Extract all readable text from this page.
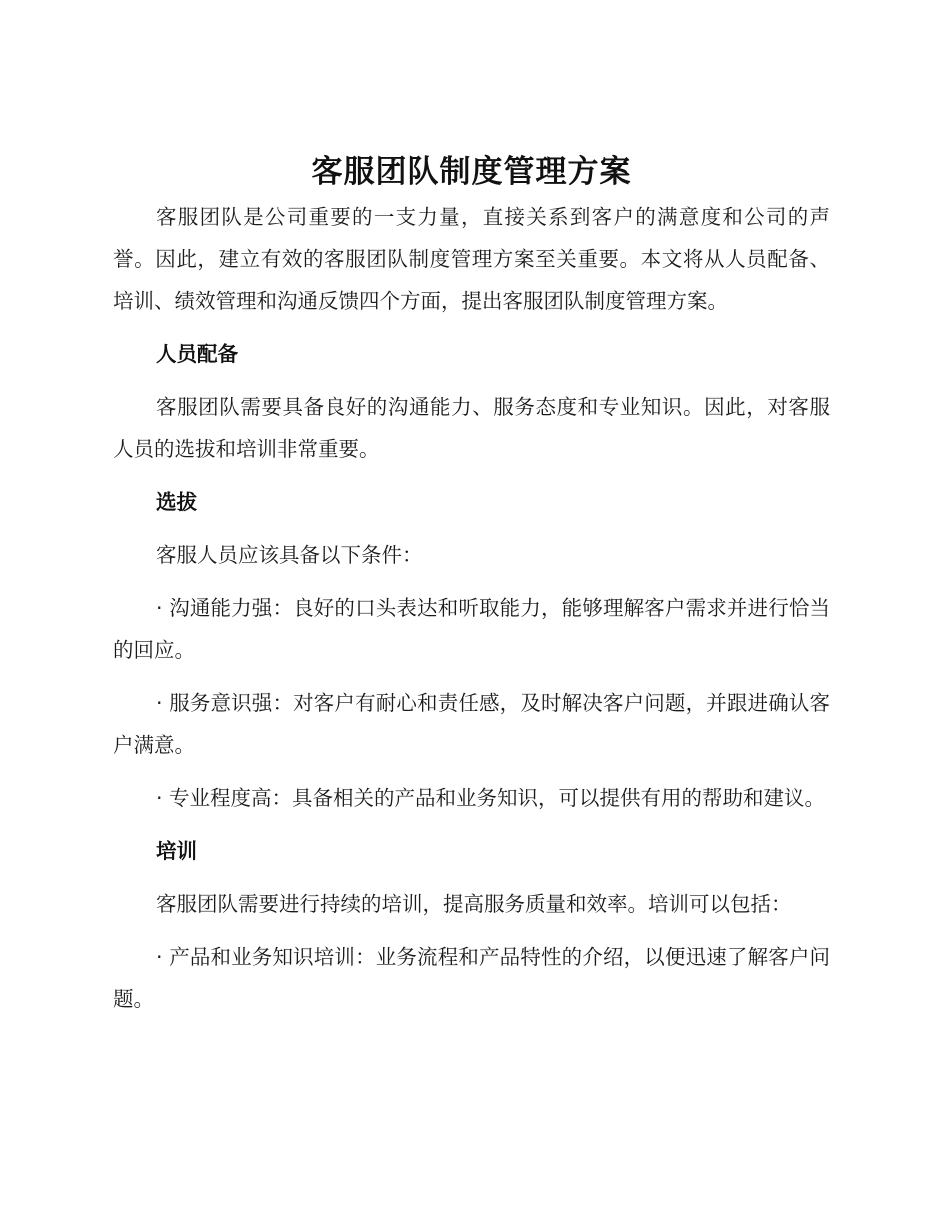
客服团队制度管理方案

客服团队是公司重要的一支力量，直接关系到客户的满意度和公司的声誉。因此，建立有效的客服团队制度管理方案至关重要。本文将从人员配备、培训、绩效管理和沟通反馈四个方面，提出客服团队制度管理方案。

人员配备

客服团队需要具备良好的沟通能力、服务态度和专业知识。因此，对客服人员的选拔和培训非常重要。

选拔

客服人员应该具备以下条件：

· 沟通能力强：良好的口头表达和听取能力，能够理解客户需求并进行恰当的回应。

· 服务意识强：对客户有耐心和责任感，及时解决客户问题，并跟进确认客户满意。

· 专业程度高：具备相关的产品和业务知识，可以提供有用的帮助和建议。

培训

客服团队需要进行持续的培训，提高服务质量和效率。培训可以包括：

· 产品和业务知识培训：业务流程和产品特性的介绍，以便迅速了解客户问题。
